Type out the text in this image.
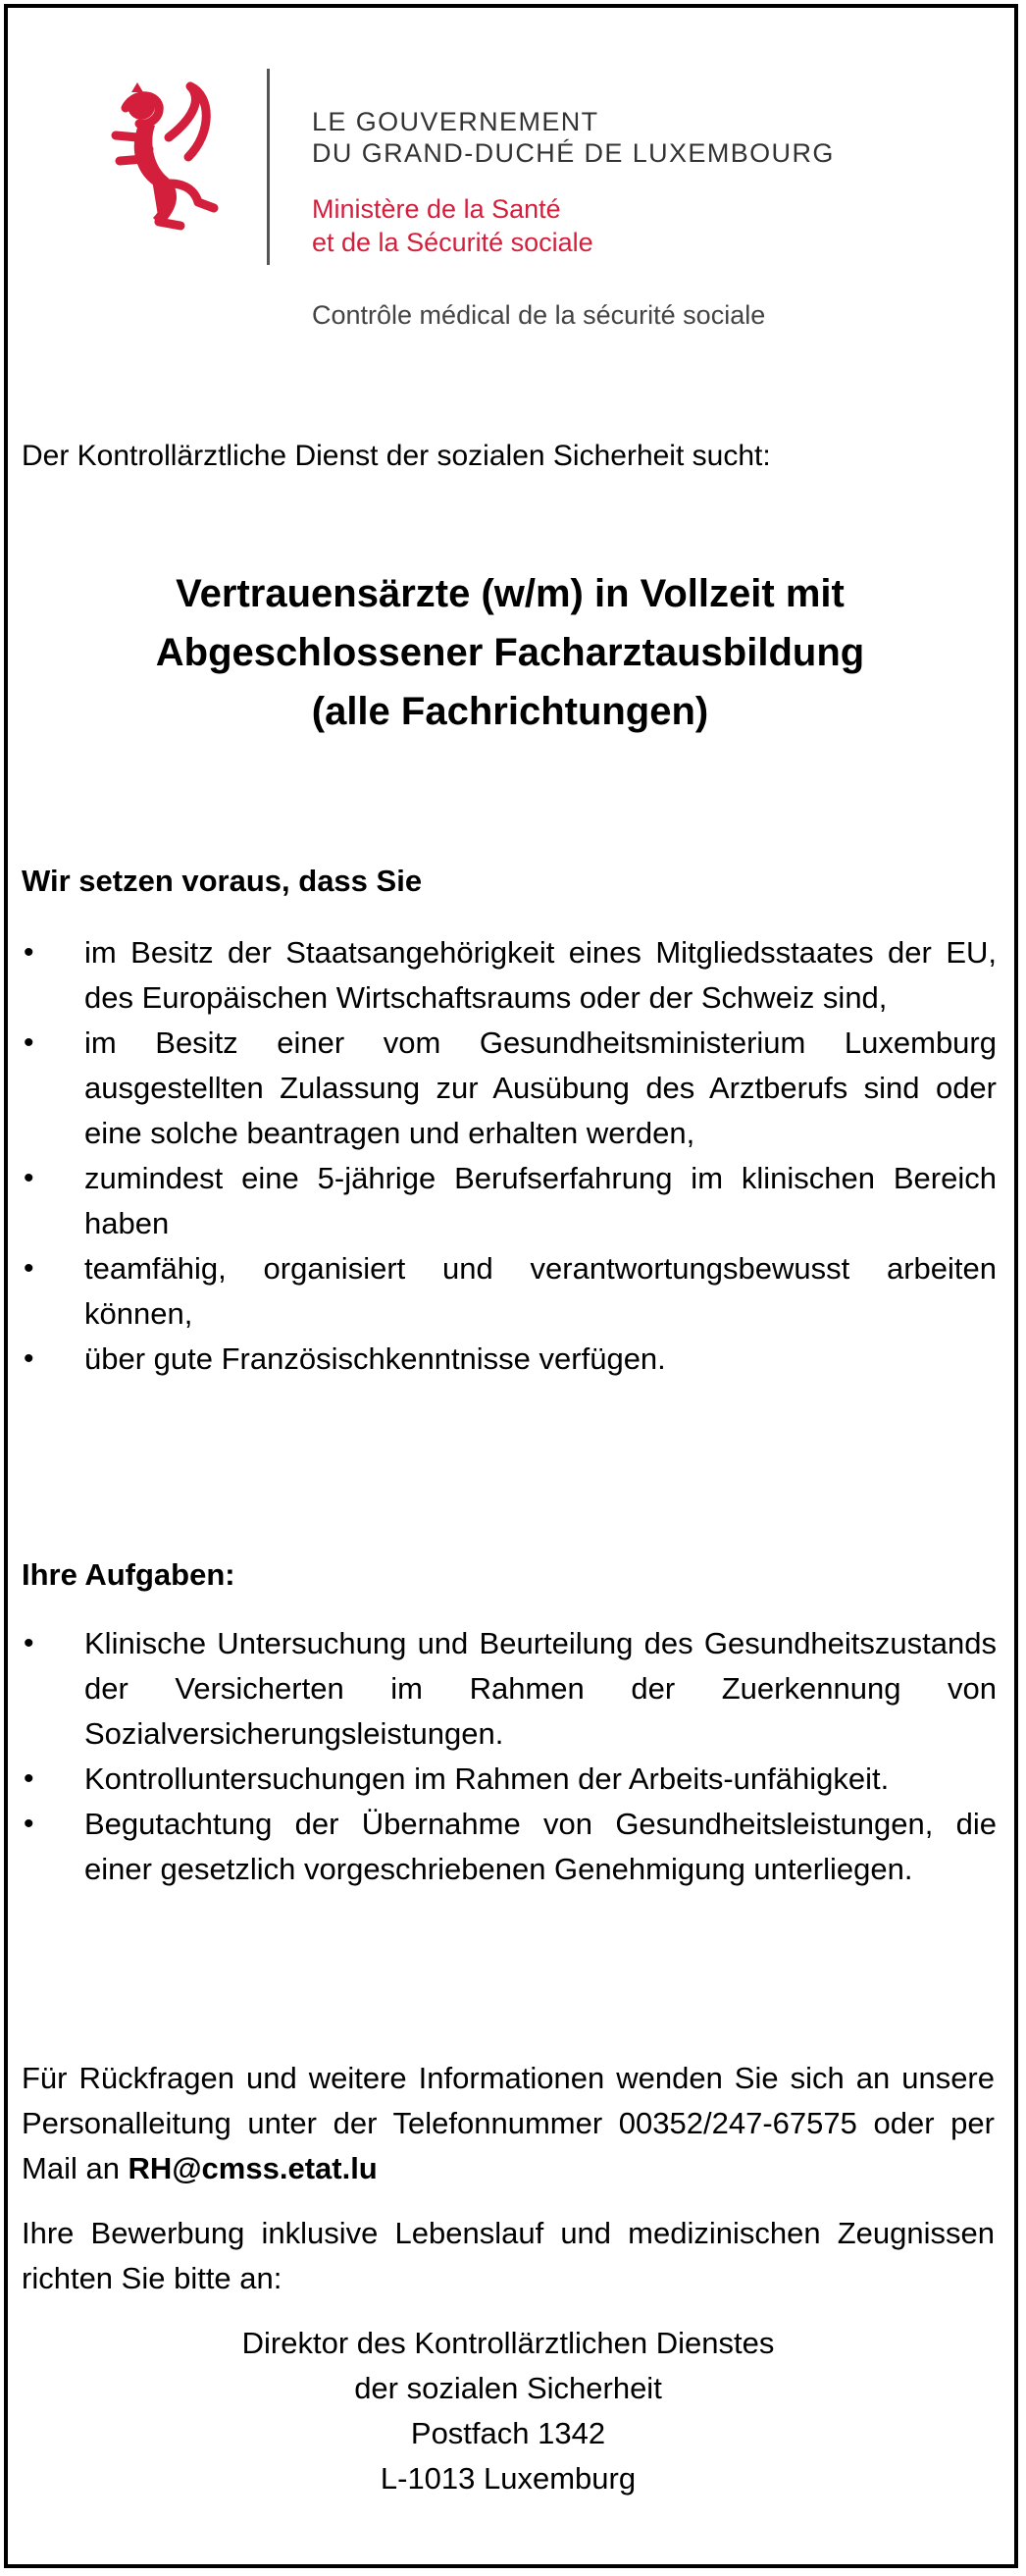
LE GOUVERNEMENT
DU GRAND-DUCHÉ DE LUXEMBOURG
Ministère de la Santé
et de la Sécurité sociale
Contrôle médical de la sécurité sociale
Der Kontrollärztliche Dienst der sozialen Sicherheit sucht:
Vertrauensärzte (w/m) in Vollzeit mit
Abgeschlossener Facharztausbildung
(alle Fachrichtungen)
Wir setzen voraus, dass Sie
• im Besitz der Staatsangehörigkeit eines Mitgliedsstaates der EU, des Europäischen Wirtschaftsraums oder der Schweiz sind,
• im Besitz einer vom Gesundheitsministerium Luxemburg ausgestellten Zulassung zur Ausübung des Arztberufs sind oder eine solche beantragen und erhalten werden,
• zumindest eine 5-jährige Berufserfahrung im klinischen Bereich haben
• teamfähig, organisiert und verantwortungsbewusst arbeiten können,
• über gute Französischkenntnisse verfügen.
Ihre Aufgaben:
• Klinische Untersuchung und Beurteilung des Gesundheitszustands der Versicherten im Rahmen der Zuerkennung von Sozialversicherungsleistungen.
• Kontrolluntersuchungen im Rahmen der Arbeits-unfähigkeit.
• Begutachtung der Übernahme von Gesundheitsleistungen, die einer gesetzlich vorgeschriebenen Genehmigung unterliegen.
Für Rückfragen und weitere Informationen wenden Sie sich an unsere Personalleitung unter der Telefonnummer 00352/247-67575 oder per Mail an RH@cmss.etat.lu
Ihre Bewerbung inklusive Lebenslauf und medizinischen Zeugnissen richten Sie bitte an:
Direktor des Kontrollärztlichen Dienstes
der sozialen Sicherheit
Postfach 1342
L-1013 Luxemburg
